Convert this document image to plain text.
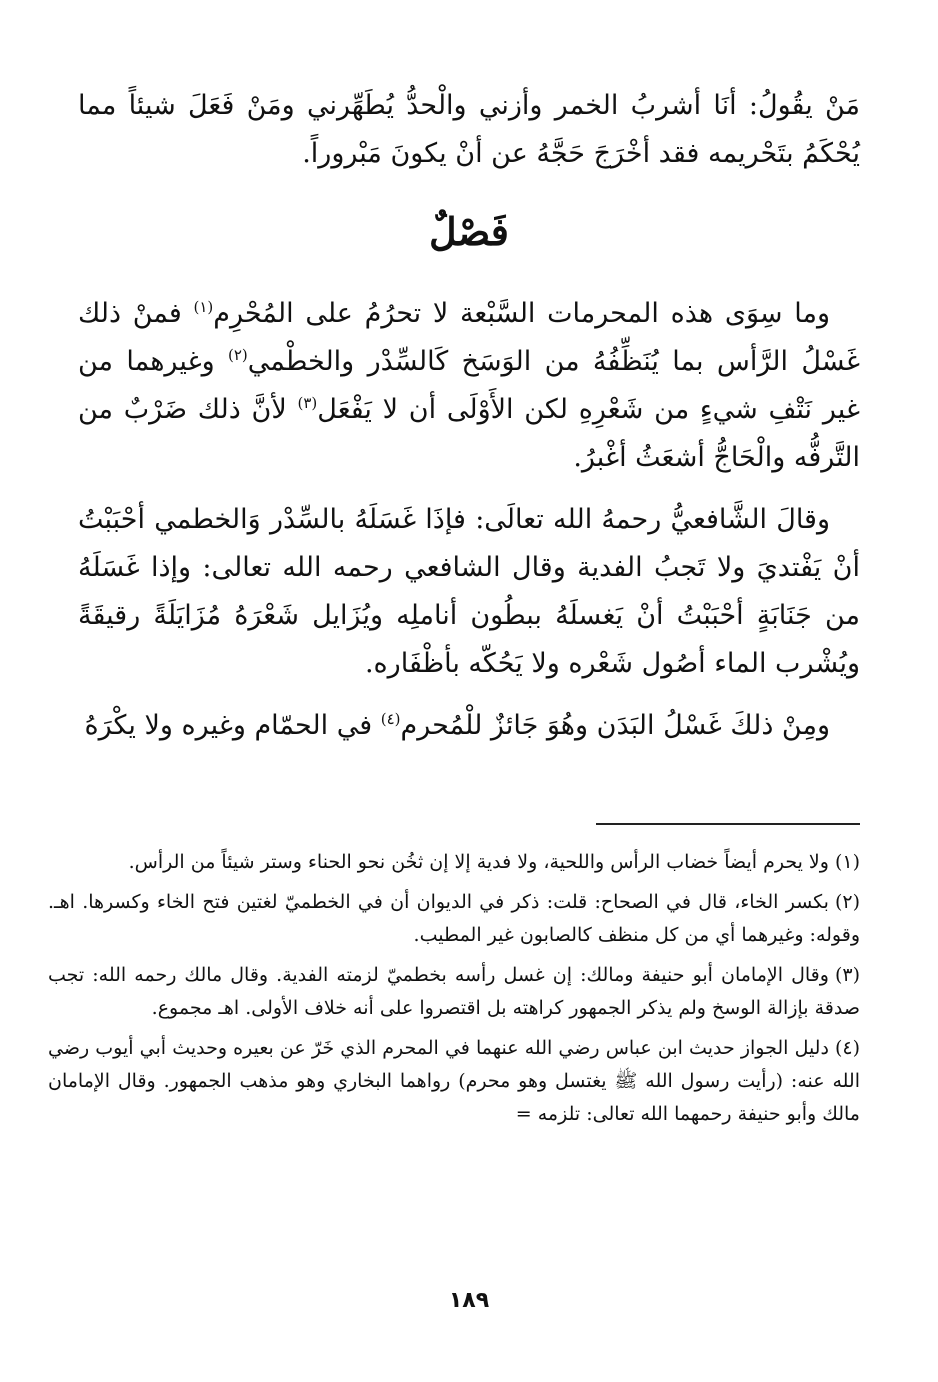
مَنْ يقُولُ: أنَا أشربُ الخمر وأزني والْحدُّ يُطَهِّرني ومَنْ فَعَلَ شيئاً مما يُحْكَمُ بتَحْريمه فقد أخْرَجَ حَجَّهُ عن أنْ يكونَ مَبْروراً.

فَصْلٌ

وما سِوَى هذه المحرمات السَّبْعة لا تحرُمُ على المُحْرِم$^{(١)}$ فمنْ ذلك غَسْلُ الرَّأس بما يُنَظِّفُهُ من الوَسَخ كَالسِّدْر والخطْمي$^{(٢)}$ وغيرهما من غير نَتْفِ شيءٍ من شَعْرِهِ لكن الأَوْلَى أن لا يَفْعَل$^{(٣)}$ لأنَّ ذلك ضَرْبٌ من التَّرفُّه والْحَاجُّ أشعَثُ أغْبرُ.

وقالَ الشَّافعيُّ رحمهُ الله تعالَى: فإذَا غَسَلَهُ بالسِّدْر وَالخطمي أحْبَبْتُ أنْ يَفْتديَ ولا تَجبُ الفدية وقال الشافعي رحمه الله تعالى: وإذا غَسَلَهُ من جَنَابَةٍ أحْبَبْتُ أنْ يَغسلَهُ ببطُون أناملِه ويُزَايل شَعْرَهُ مُزَايَلَةً رقيقَةً ويُشْرب الماء أصُول شَعْره ولا يَحُكّه بأظْفَاره.

ومِنْ ذلكَ غَسْلُ البَدَن وهُوَ جَائزٌ للْمُحرم$^{(٤)}$ في الحمّام وغيره ولا يكْرَهُ

(١)ولا يحرم أيضاً خضاب الرأس واللحية، ولا فدية إلا إن ثخُن نحو الحناء وستر شيئاً من الرأس.

(٢)بكسر الخاء، قال في الصحاح: قلت: ذكر في الديوان أن في الخطميّ لغتين فتح الخاء وكسرها. اهـ. وقوله: وغيرهما أي من كل منظف كالصابون غير المطيب.

(٣)وقال الإمامان أبو حنيفة ومالك: إن غسل رأسه بخطميّ لزمته الفدية. وقال مالك رحمه الله: تجب صدقة بإزالة الوسخ ولم يذكر الجمهور كراهته بل اقتصروا على أنه خلاف الأولى. اهـ مجموع.

(٤)دليل الجواز حديث ابن عباس رضي الله عنهما في المحرم الذي خَرّ عن بعيره وحديث أبي أيوب رضي الله عنه: (رأيت رسول الله ﷺ يغتسل وهو محرم) رواهما البخاري وهو مذهب الجمهور. وقال الإمامان مالك وأبو حنيفة رحمهما الله تعالى: تلزمه =

١٨٩
